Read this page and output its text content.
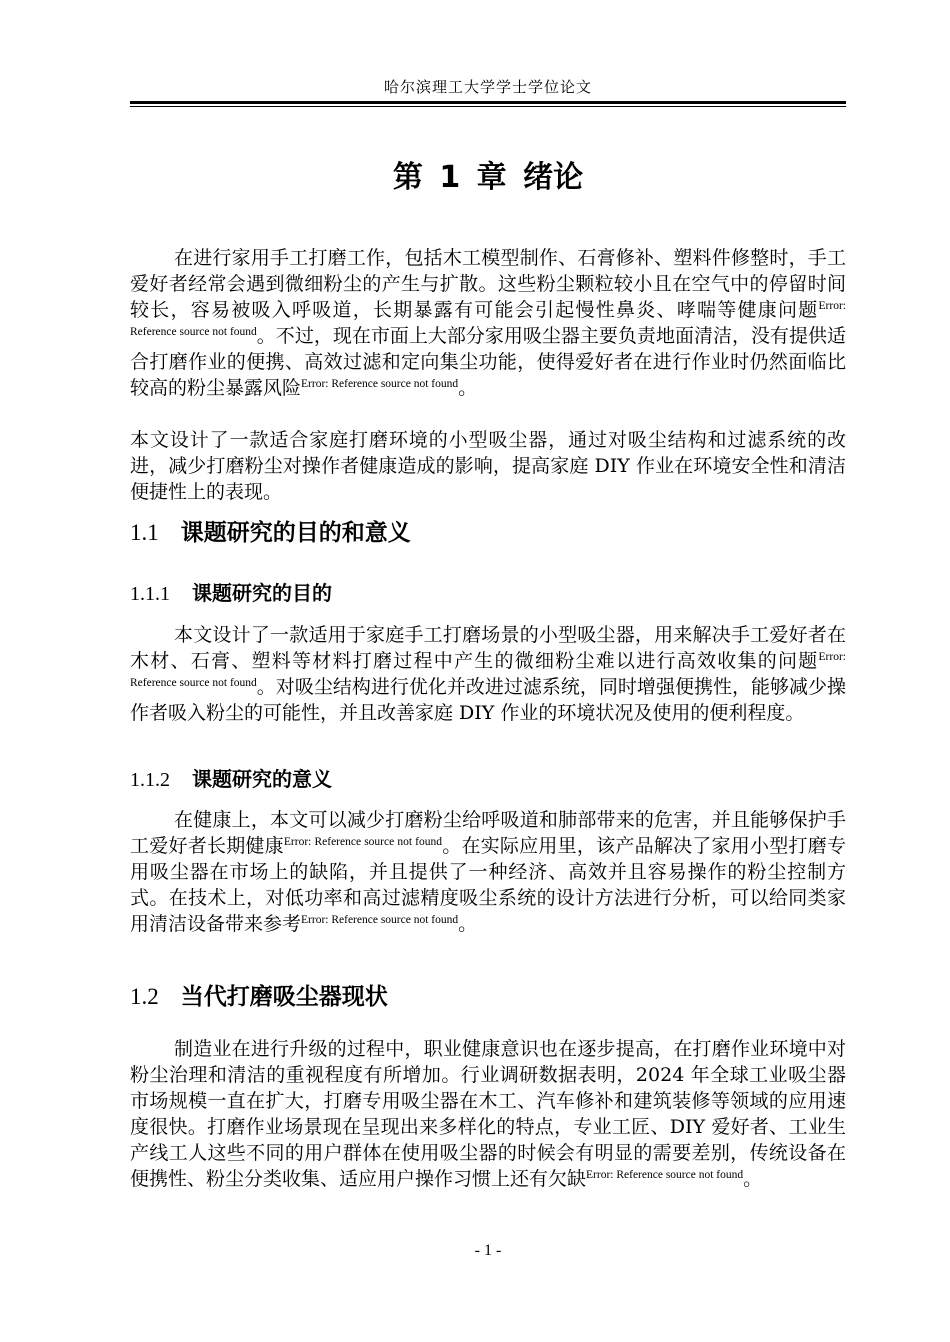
哈尔滨理工大学学士学位论文
第 1 章 绪论

在进行家用手工打磨工作，包括木工模型制作、石膏修补、塑料件修整时，手工爱好者经常会遇到微细粉尘的产生与扩散。这些粉尘颗粒较小且在空气中的停留时间较长，容易被吸入呼吸道，长期暴露有可能会引起慢性鼻炎、哮喘等健康问题$^{Error: Reference source not found}$。不过，现在市面上大部分家用吸尘器主要负责地面清洁，没有提供适合打磨作业的便携、高效过滤和定向集尘功能，使得爱好者在进行作业时仍然面临比较高的粉尘暴露风险$^{Error: Reference source not found}$。

本文设计了一款适合家庭打磨环境的小型吸尘器，通过对吸尘结构和过滤系统的改进，减少打磨粉尘对操作者健康造成的影响，提高家庭 DIY 作业在环境安全性和清洁便捷性上的表现。

1.1 课题研究的目的和意义
1.1.1 课题研究的目的

本文设计了一款适用于家庭手工打磨场景的小型吸尘器，用来解决手工爱好者在木材、石膏、塑料等材料打磨过程中产生的微细粉尘难以进行高效收集的问题$^{Error: Reference source not found}$。对吸尘结构进行优化并改进过滤系统，同时增强便携性，能够减少操作者吸入粉尘的可能性，并且改善家庭 DIY 作业的环境状况及使用的便利程度。

1.1.2 课题研究的意义

在健康上，本文可以减少打磨粉尘给呼吸道和肺部带来的危害，并且能够保护手工爱好者长期健康$^{Error: Reference source not found}$。在实际应用里，该产品解决了家用小型打磨专用吸尘器在市场上的缺陷，并且提供了一种经济、高效并且容易操作的粉尘控制方式。在技术上，对低功率和高过滤精度吸尘系统的设计方法进行分析，可以给同类家用清洁设备带来参考$^{Error: Reference source not found}$。

1.2 当代打磨吸尘器现状

制造业在进行升级的过程中，职业健康意识也在逐步提高，在打磨作业环境中对粉尘治理和清洁的重视程度有所增加。行业调研数据表明，2024 年全球工业吸尘器市场规模一直在扩大，打磨专用吸尘器在木工、汽车修补和建筑装修等领域的应用速度很快。打磨作业场景现在呈现出来多样化的特点，专业工匠、DIY 爱好者、工业生产线工人这些不同的用户群体在使用吸尘器的时候会有明显的需要差别，传统设备在便携性、粉尘分类收集、适应用户操作习惯上还有欠缺$^{Error: Reference source not found}$。

- 1 -
